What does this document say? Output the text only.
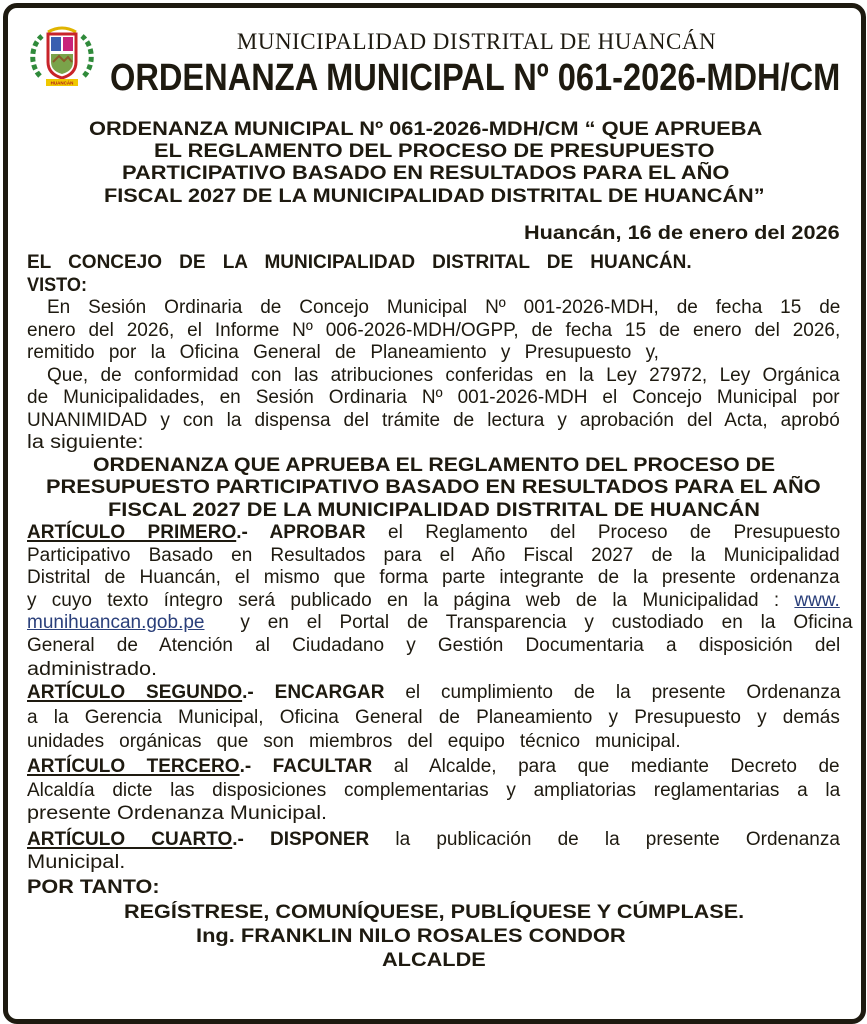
HUANCÁN
MUNICIPALIDAD DISTRITAL DE HUANCÁN
ORDENANZA MUNICIPAL Nº 061-2026-MDH/CM
ORDENANZA MUNICIPAL Nº 061-2026-MDH/CM “ QUE APRUEBA
EL REGLAMENTO DEL PROCESO DE PRESUPUESTO
PARTICIPATIVO BASADO EN RESULTADOS PARA EL AÑO
FISCAL 2027 DE LA MUNICIPALIDAD DISTRITAL DE HUANCÁN”
Huancán, 16 de enero del 2026
EL CONCEJO DE LA MUNICIPALIDAD DISTRITAL DE HUANCÁN.
VISTO:
En Sesión Ordinaria de Concejo Municipal Nº 001-2026-MDH, de fecha 15 de
enero del 2026, el Informe Nº 006-2026-MDH/OGPP, de fecha 15 de enero del 2026,
remitido por la Oficina General de Planeamiento y Presupuesto y,
Que, de conformidad con las atribuciones conferidas en la Ley 27972, Ley Orgánica
de Municipalidades, en Sesión Ordinaria Nº 001-2026-MDH el Concejo Municipal por
UNANIMIDAD y con la dispensa del trámite de lectura y aprobación del Acta, aprobó
la siguiente:
ORDENANZA QUE APRUEBA EL REGLAMENTO DEL PROCESO DE
PRESUPUESTO PARTICIPATIVO BASADO EN RESULTADOS PARA EL AÑO
FISCAL 2027 DE LA MUNICIPALIDAD DISTRITAL DE HUANCÁN
ARTÍCULO PRIMERO.- APROBAR el Reglamento del Proceso de Presupuesto
Participativo Basado en Resultados para el Año Fiscal 2027 de la Municipalidad
Distrital de Huancán, el mismo que forma parte integrante de la presente ordenanza
y cuyo texto íntegro será publicado en la página web de la Municipalidad : www.
munihuancan.gob.pe  y en el Portal de Transparencia y custodiado en la Oficina
General de Atención al Ciudadano y Gestión Documentaria a disposición del
administrado.
ARTÍCULO SEGUNDO.- ENCARGAR el cumplimiento de la presente Ordenanza
a la Gerencia Municipal, Oficina General de Planeamiento y Presupuesto y demás
unidades orgánicas que son miembros del equipo técnico municipal.
ARTÍCULO TERCERO.- FACULTAR al Alcalde, para que mediante Decreto de
Alcaldía dicte las disposiciones complementarias y ampliatorias reglamentarias a la
presente Ordenanza Municipal.
ARTÍCULO CUARTO.- DISPONER la publicación de la presente Ordenanza
Municipal.
POR TANTO:
REGÍSTRESE, COMUNÍQUESE, PUBLÍQUESE Y CÚMPLASE.
Ing. FRANKLIN NILO ROSALES CONDOR
ALCALDE
